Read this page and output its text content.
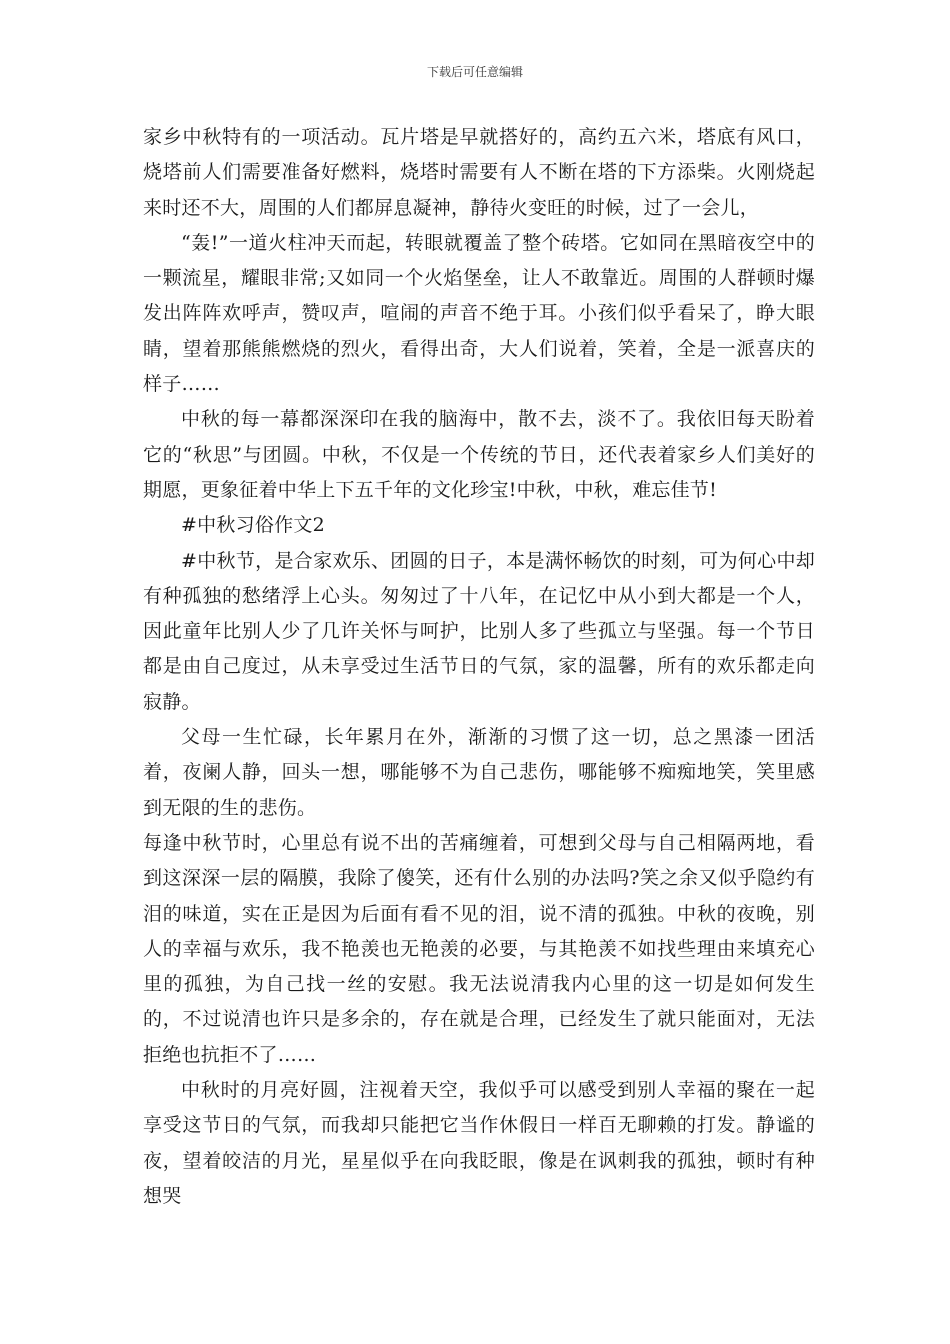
下载后可任意编辑

家乡中秋特有的一项活动。瓦片塔是早就搭好的，高约五六米，塔底有风口，烧塔前人们需要准备好燃料，烧塔时需要有人不断在塔的下方添柴。火刚烧起来时还不大，周围的人们都屏息凝神，静待火变旺的时候，过了一会儿，

“轰!”一道火柱冲天而起，转眼就覆盖了整个砖塔。它如同在黑暗夜空中的一颗流星，耀眼非常;又如同一个火焰堡垒，让人不敢靠近。周围的人群顿时爆发出阵阵欢呼声，赞叹声，喧闹的声音不绝于耳。小孩们似乎看呆了，睁大眼睛，望着那熊熊燃烧的烈火，看得出奇，大人们说着，笑着，全是一派喜庆的样子……

中秋的每一幕都深深印在我的脑海中，散不去，淡不了。我依旧每天盼着它的“秋思”与团圆。中秋，不仅是一个传统的节日，还代表着家乡人们美好的期愿，更象征着中华上下五千年的文化珍宝!中秋，中秋，难忘佳节!

#中秋习俗作文2

#中秋节，是合家欢乐、团圆的日子，本是满怀畅饮的时刻，可为何心中却有种孤独的愁绪浮上心头。匆匆过了十八年，在记忆中从小到大都是一个人，因此童年比别人少了几许关怀与呵护，比别人多了些孤立与坚强。每一个节日都是由自己度过，从未享受过生活节日的气氛，家的温馨，所有的欢乐都走向寂静。

父母一生忙碌，长年累月在外，渐渐的习惯了这一切，总之黑漆一团活着，夜阑人静，回头一想，哪能够不为自己悲伤，哪能够不痴痴地笑，笑里感到无限的生的悲伤。

每逢中秋节时，心里总有说不出的苦痛缠着，可想到父母与自己相隔两地，看到这深深一层的隔膜，我除了傻笑，还有什么别的办法吗?笑之余又似乎隐约有泪的味道，实在正是因为后面有看不见的泪，说不清的孤独。中秋的夜晚，别人的幸福与欢乐，我不艳羡也无艳羡的必要，与其艳羡不如找些理由来填充心里的孤独，为自己找一丝的安慰。我无法说清我内心里的这一切是如何发生的，不过说清也许只是多余的，存在就是合理，已经发生了就只能面对，无法拒绝也抗拒不了……

中秋时的月亮好圆，注视着天空，我似乎可以感受到别人幸福的聚在一起享受这节日的气氛，而我却只能把它当作休假日一样百无聊赖的打发。静谧的夜，望着皎洁的月光，星星似乎在向我眨眼，像是在讽刺我的孤独，顿时有种想哭
